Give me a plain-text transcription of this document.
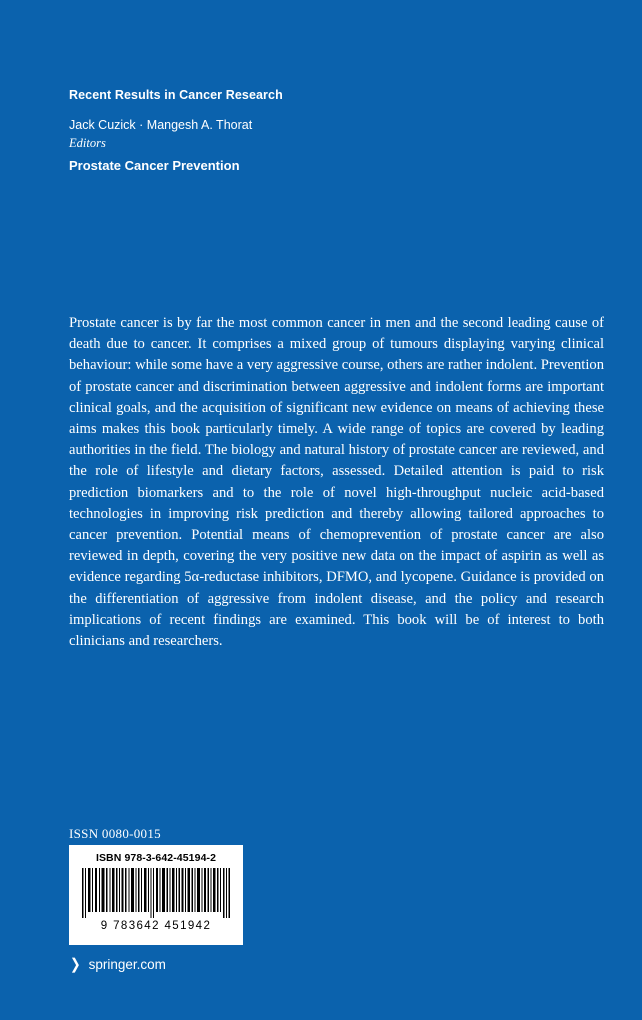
Recent Results in Cancer Research
Jack Cuzick · Mangesh A. Thorat
Editors
Prostate Cancer Prevention
Prostate cancer is by far the most common cancer in men and the second leading cause of death due to cancer. It comprises a mixed group of tumours displaying varying clinical behaviour: while some have a very aggressive course, others are rather indolent. Prevention of prostate cancer and discrimination between aggressive and indolent forms are important clinical goals, and the acquisition of significant new evidence on means of achieving these aims makes this book particularly timely. A wide range of topics are covered by leading authorities in the field. The biology and natural history of prostate cancer are reviewed, and the role of lifestyle and dietary factors, assessed. Detailed attention is paid to risk prediction biomarkers and to the role of novel high-throughput nucleic acid-based technologies in improving risk prediction and thereby allowing tailored approaches to cancer prevention. Potential means of chemoprevention of prostate cancer are also reviewed in depth, covering the very positive new data on the impact of aspirin as well as evidence regarding 5α-reductase inhibitors, DFMO, and lycopene. Guidance is provided on the differentiation of aggressive from indolent disease, and the policy and research implications of recent findings are examined. This book will be of interest to both clinicians and researchers.
ISSN 0080-0015
ISBN 978-3-642-45194-2
9 783642 451942
❯ springer.com
